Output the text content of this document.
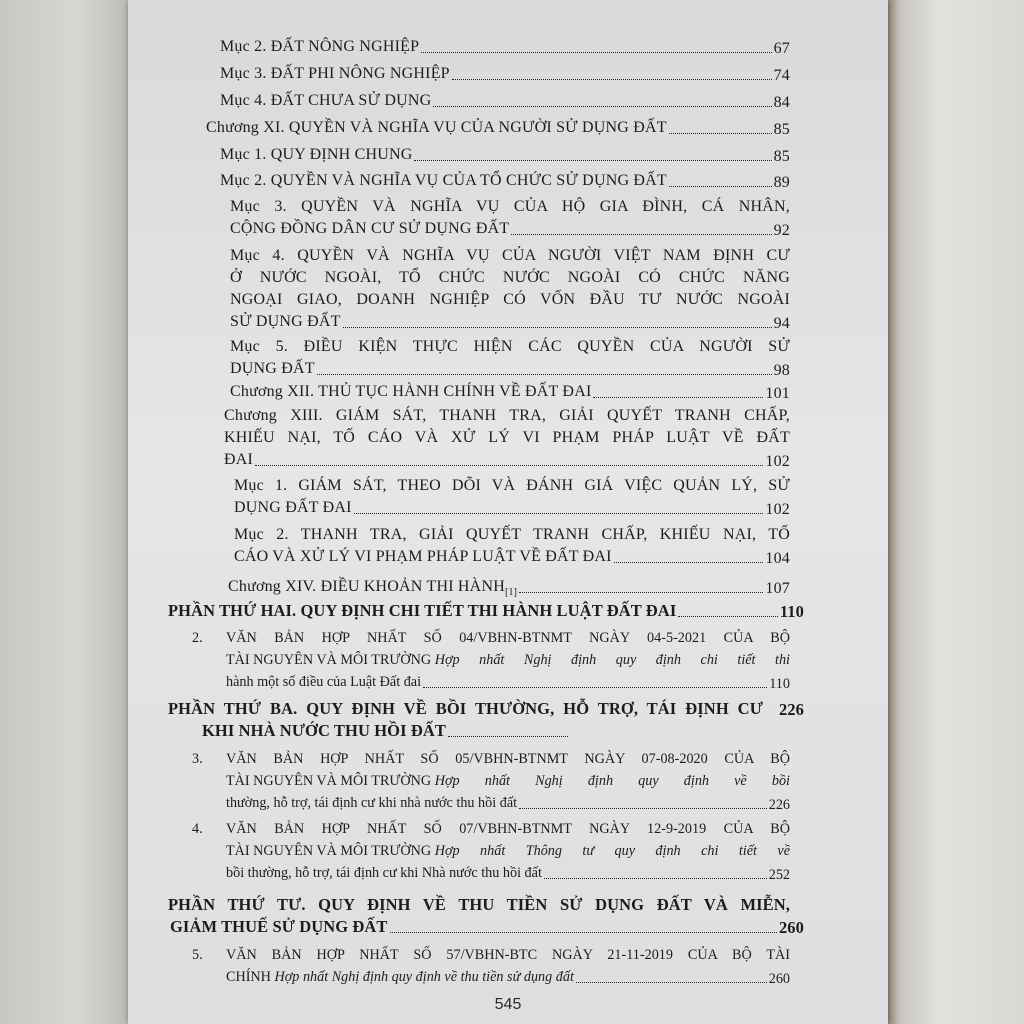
Mục 2. ĐẤT NÔNG NGHIỆP	67
Mục 3. ĐẤT PHI NÔNG NGHIỆP	74
Mục 4. ĐẤT CHƯA SỬ DỤNG	84
Chương XI. QUYỀN VÀ NGHĨA VỤ CỦA NGƯỜI SỬ DỤNG ĐẤT	85
Mục 1. QUY ĐỊNH CHUNG	85
Mục 2. QUYỀN VÀ NGHĨA VỤ CỦA TỔ CHỨC SỬ DỤNG ĐẤT	89
Mục 3. QUYỀN VÀ NGHĨA VỤ CỦA HỘ GIA ĐÌNH, CÁ NHÂN,
CỘNG ĐỒNG DÂN CƯ SỬ DỤNG ĐẤT	92
Mục 4. QUYỀN VÀ NGHĨA VỤ CỦA NGƯỜI VIỆT NAM ĐỊNH CƯ
Ở NƯỚC NGOÀI, TỔ CHỨC NƯỚC NGOÀI CÓ CHỨC NĂNG
NGOẠI GIAO, DOANH NGHIỆP CÓ VỐN ĐẦU TƯ NƯỚC NGOÀI
SỬ DỤNG ĐẤT	94
Mục 5. ĐIỀU KIỆN THỰC HIỆN CÁC QUYỀN CỦA NGƯỜI SỬ
DỤNG ĐẤT	98
Chương XII. THỦ TỤC HÀNH CHÍNH VỀ ĐẤT ĐAI	101
Chương XIII. GIÁM SÁT, THANH TRA, GIẢI QUYẾT TRANH CHẤP,
KHIẾU NẠI, TỐ CÁO VÀ XỬ LÝ VI PHẠM PHÁP LUẬT VỀ ĐẤT
ĐAI	102
Mục 1. GIÁM SÁT, THEO DÕI VÀ ĐÁNH GIÁ VIỆC QUẢN LÝ, SỬ
DỤNG ĐẤT ĐAI	102
Mục 2. THANH TRA, GIẢI QUYẾT TRANH CHẤP, KHIẾU NẠI, TỐ
CÁO VÀ XỬ LÝ VI PHẠM PHÁP LUẬT VỀ ĐẤT ĐAI	104
Chương XIV. ĐIỀU KHOẢN THI $HÀNH_{[1]}$	107
PHẦN THỨ HAI. QUY ĐỊNH CHI TIẾT THI HÀNH LUẬT ĐẤT ĐAI	110
2. VĂN BẢN HỢP NHẤT SỐ 04/VBHN-BTNMT NGÀY 04-5-2021 CỦA BỘ
TÀI NGUYÊN VÀ MÔI TRƯỜNG
Hợp nhất Nghị định quy định chi tiết thi
hành một số điều của Luật Đất đai	110
PHẦN THỨ BA. QUY ĐỊNH VỀ BỒI THƯỜNG, HỖ TRỢ, TÁI ĐỊNH CƯ 226
KHI NHÀ NƯỚC THU HỒI ĐẤT
3. VĂN BẢN HỢP NHẤT SỐ 05/VBHN-BTNMT NGÀY 07-08-2020 CỦA BỘ
TÀI NGUYÊN VÀ MÔI TRƯỜNG
Hợp nhất Nghị định quy định về bồi
thường, hỗ trợ, tái định cư khi nhà nước thu hồi đất	226
4. VĂN BẢN HỢP NHẤT SỐ 07/VBHN-BTNMT NGÀY 12-9-2019 CỦA BỘ
TÀI NGUYÊN VÀ MÔI TRƯỜNG
Hợp nhất Thông tư quy định chi tiết về
bồi thường, hỗ trợ, tái định cư khi Nhà nước thu hồi đất	252
PHẦN THỨ TƯ. QUY ĐỊNH VỀ THU TIỀN SỬ DỤNG ĐẤT VÀ MIỄN,
GIẢM THUẾ SỬ DỤNG ĐẤT	260
5. VĂN BẢN HỢP NHẤT SỐ 57/VBHN-BTC NGÀY 21-11-2019 CỦA BỘ TÀI
CHÍNH
Hợp nhất Nghị định quy định về thu tiền sử dụng đất	260
545
